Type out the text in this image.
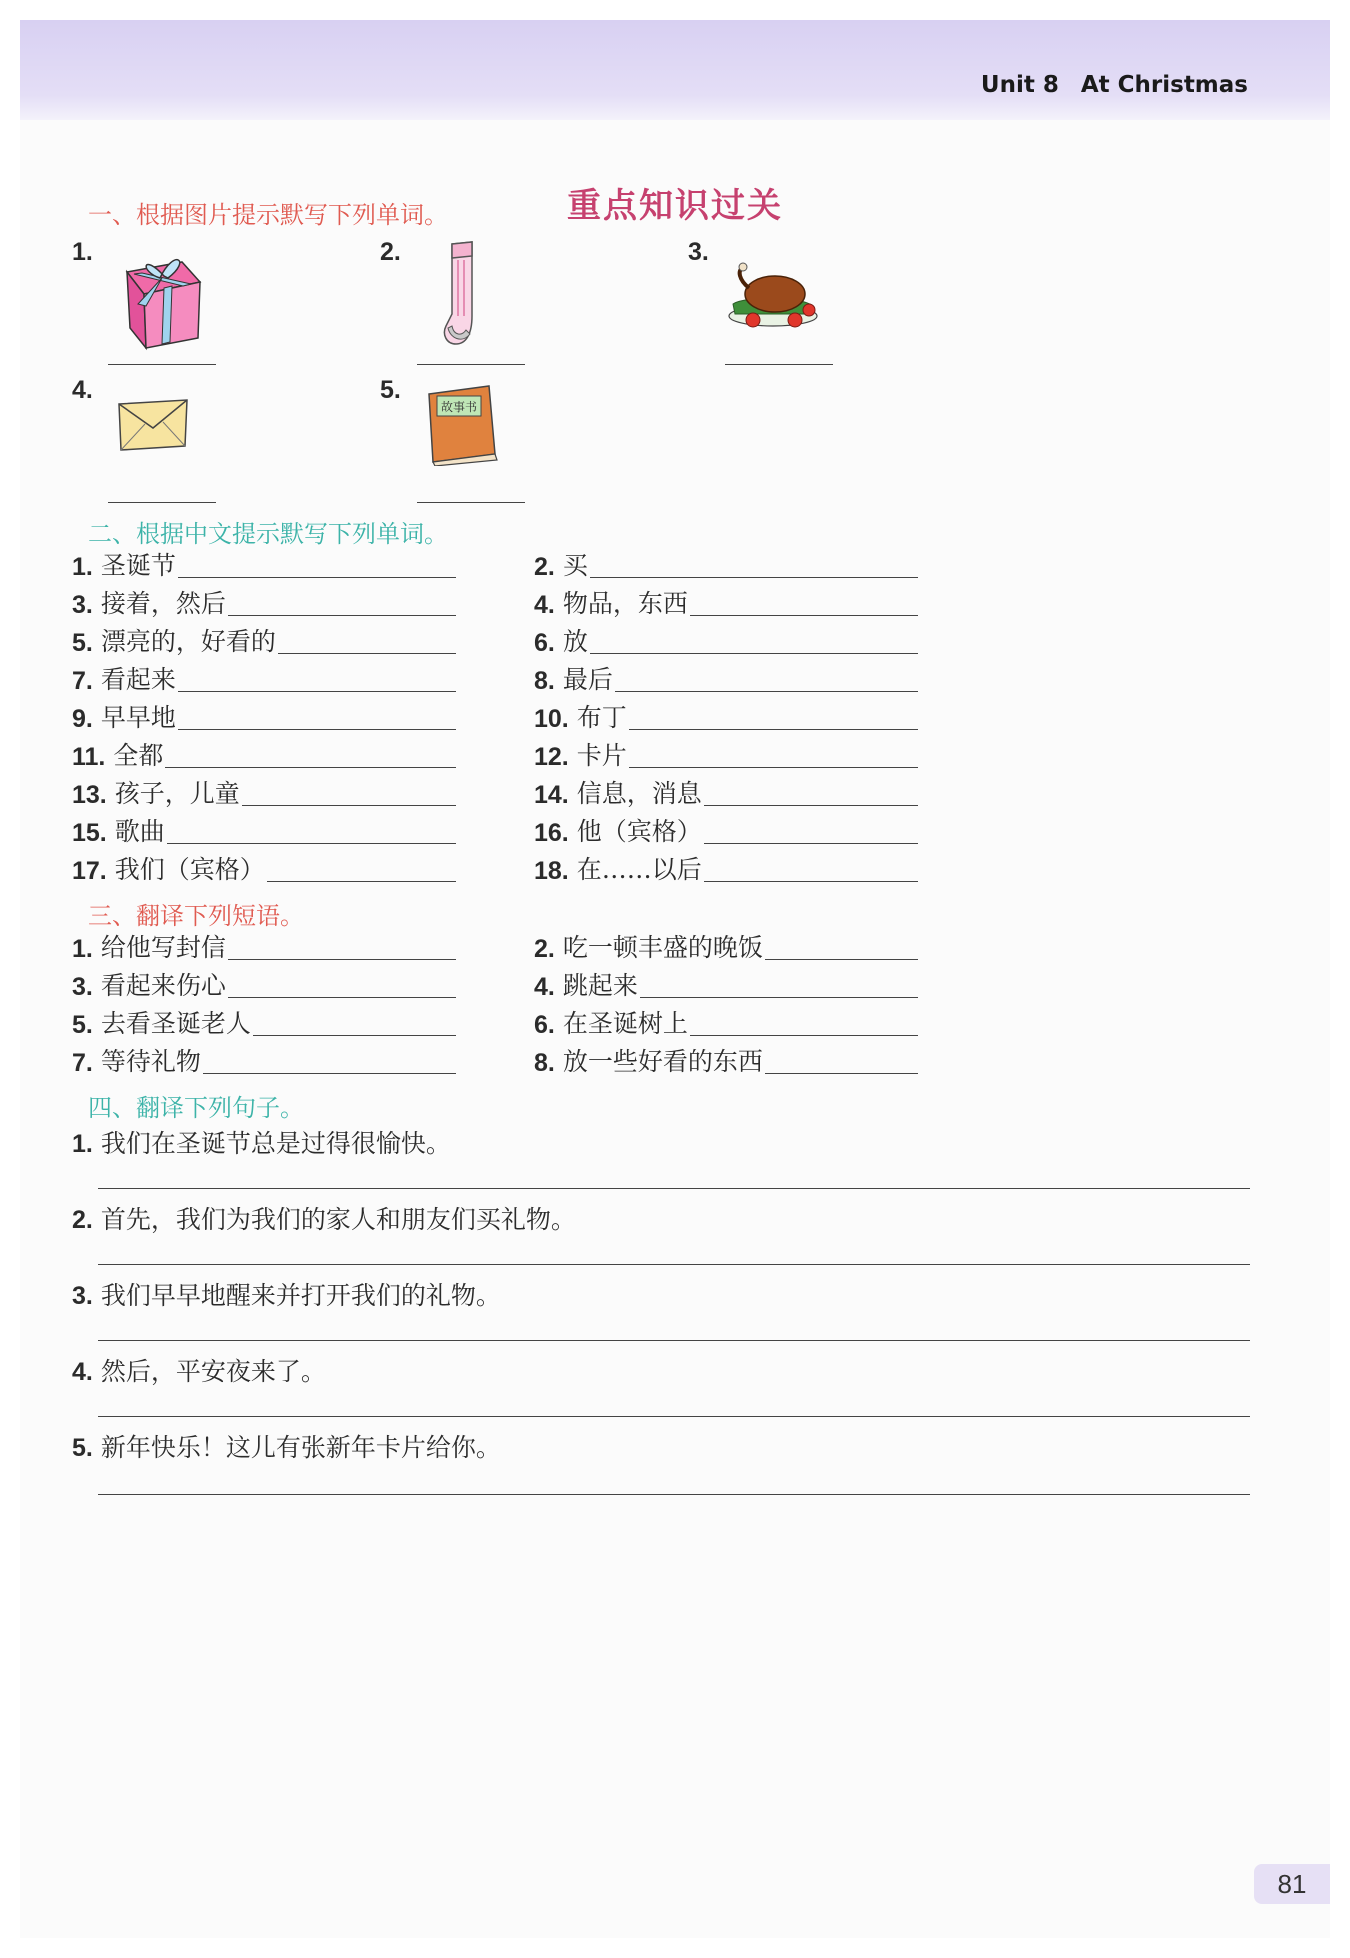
Unit 8 At Christmas
重点知识过关
一、根据图片提示默写下列单词。
1.	2.	3.
4.	5.
故事书
二、根据中文提示默写下列单词。
1. 圣诞节	2. 买
3. 接着，然后	4. 物品，东西
5. 漂亮的，好看的	6. 放
7. 看起来	8. 最后
9. 早早地	10. 布丁
11. 全都	12. 卡片
13. 孩子，儿童	14. 信息，消息
15. 歌曲	16. 他（宾格）
17. 我们（宾格）	18. 在……以后
三、翻译下列短语。
1. 给他写封信	2. 吃一顿丰盛的晚饭
3. 看起来伤心	4. 跳起来
5. 去看圣诞老人	6. 在圣诞树上
7. 等待礼物	8. 放一些好看的东西
四、翻译下列句子。
1. 我们在圣诞节总是过得很愉快。
2. 首先，我们为我们的家人和朋友们买礼物。
3. 我们早早地醒来并打开我们的礼物。
4. 然后，平安夜来了。
5. 新年快乐！这儿有张新年卡片给你。
81
